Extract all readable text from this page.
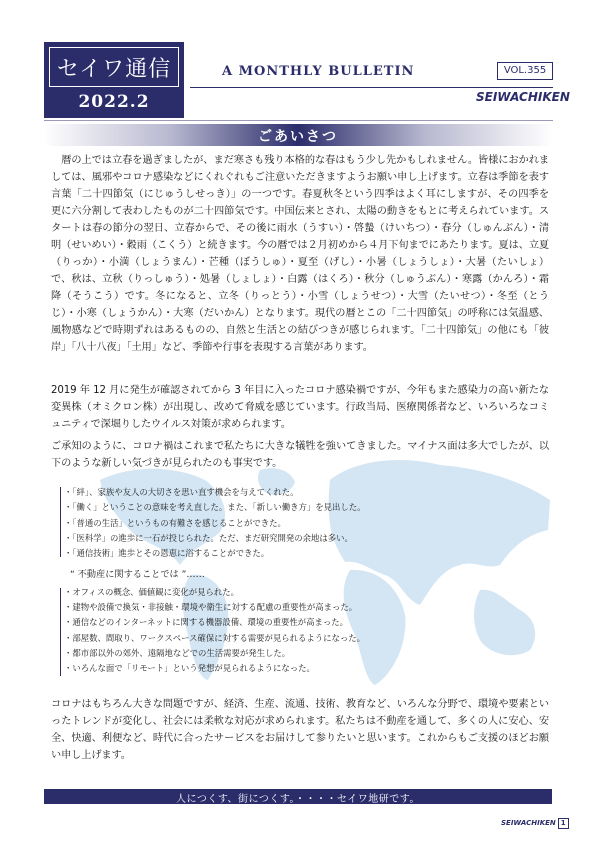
セイワ通信
2022.2
A MONTHLY BULLETIN	VOL.355
SEIWACHIKEN
ごあいさつ

暦の上では立春を過ぎましたが、まだ寒さも残り本格的な春はもう少し先かもしれません。皆様におかれましては、風邪やコロナ感染などにくれぐれもご注意いただきますようお願い申し上げます。立春は季節を表す言葉「二十四節気（にじゅうしせっき）」の一つです。春夏秋冬という四季はよく耳にしますが、その四季を更に六分割して表わしたものが二十四節気です。中国伝来とされ、太陽の動きをもとに考えられています。スタートは春の節分の翌日、立春からで、その後に雨水（うすい）・啓蟄（けいちつ）・春分（しゅんぶん）・清明（せいめい）・穀雨（こくう）と続きます。今の暦では２月初めから４月下旬までにあたります。夏は、立夏（りっか）・小満（しょうまん）・芒種（ぼうしゅ）・夏至（げし）・小暑（しょうしょ）・大暑（たいしょ）で、秋は、立秋（りっしゅう）・処暑（しょしょ）・白露（はくろ）・秋分（しゅうぶん）・寒露（かんろ）・霜降（そうこう）です。冬になると、立冬（りっとう）・小雪（しょうせつ）・大雪（たいせつ）・冬至（とうじ）・小寒（しょうかん）・大寒（だいかん）となります。現代の暦とこの「二十四節気」の呼称には気温感、風物感などで時期ずれはあるものの、自然と生活との結びつきが感じられます。「二十四節気」の他にも「彼岸」「八十八夜」「土用」など、季節や行事を表現する言葉があります。

2019 年 12 月に発生が確認されてから 3 年目に入ったコロナ感染禍ですが、今年もまた感染力の高い新たな変異株（オミクロン株）が出現し、改めて脅威を感じています。行政当局、医療関係者など、いろいろなコミュニティで深堀りしたウイルス対策が求められます。

ご承知のように、コロナ禍はこれまで私たちに大きな犠牲を強いてきました。マイナス面は多大でしたが、以下のような新しい気づきが見られたのも事実です。

・「絆」、家族や友人の大切さを思い直す機会を与えてくれた。
・「働く」ということの意味を考え直した。また、「新しい働き方」を見出した。
・「普通の生活」というもの有難さを感じることができた。
・「医科学」の進歩に一石が投じられた。ただ、まだ研究開発の余地は多い。
・「通信技術」進歩とその恩恵に浴することができた。
“ 不動産に関することでは ”……
・オフィスの概念、価値観に変化が見られた。
・建物や設備で換気・非接触・環境や衛生に対する配慮の重要性が高まった。
・通信などのインターネットに関する機器設備、環境の重要性が高まった。
・部屋数、間取り、ワークスペース確保に対する需要が見られるようになった。
・都市部以外の郊外、遠隔地などでの生活需要が発生した。
・いろんな面で「リモート」という発想が見られるようになった。

コロナはもちろん大きな問題ですが、経済、生産、流通、技術、教育など、いろんな分野で、環境や要素といったトレンドが変化し、社会には柔軟な対応が求められます。私たちは不動産を通して、多くの人に安心、安全、快適、利便など、時代に合ったサービスをお届けして参りたいと思います。これからもご支援のほどお願い申し上げます。

人につくす、街につくす。・・・・セイワ地研です。
SEIWACHIKEN 1
